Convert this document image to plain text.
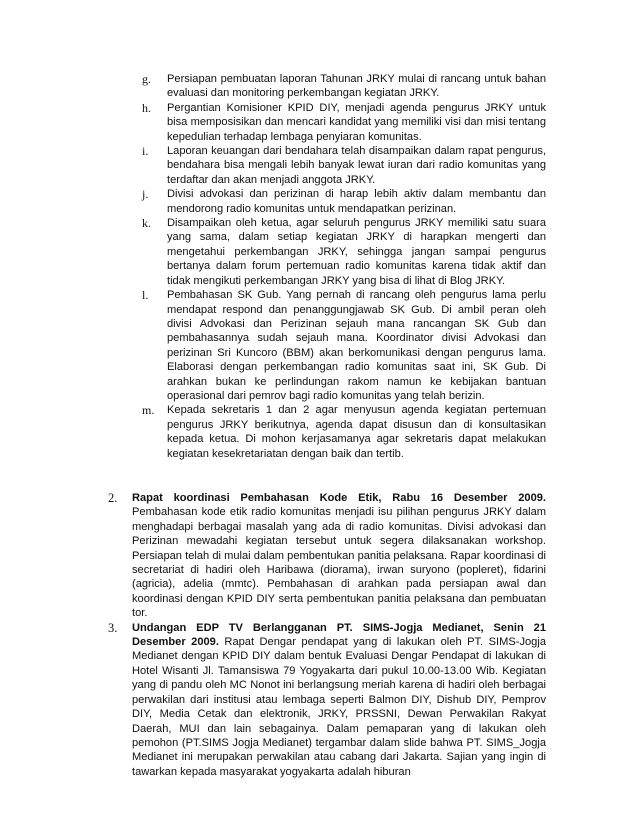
g. Persiapan pembuatan laporan Tahunan JRKY mulai di rancang untuk bahan evaluasi dan monitoring perkembangan kegiatan JRKY.
h. Pergantian Komisioner KPID DIY, menjadi agenda pengurus JRKY untuk bisa memposisikan dan mencari kandidat yang memiliki visi dan misi tentang kepedulian terhadap lembaga penyiaran komunitas.
i. Laporan keuangan dari bendahara telah disampaikan dalam rapat pengurus, bendahara bisa mengali lebih banyak lewat iuran dari radio komunitas yang terdaftar dan akan menjadi anggota JRKY.
j. Divisi advokasi dan perizinan di harap lebih aktiv dalam membantu dan mendorong radio komunitas untuk mendapatkan perizinan.
k. Disampaikan oleh ketua, agar seluruh pengurus JRKY memiliki satu suara yang sama, dalam setiap kegiatan JRKY di harapkan mengerti dan mengetahui perkembangan JRKY, sehingga jangan sampai pengurus bertanya dalam forum pertemuan radio komunitas karena tidak aktif dan tidak mengikuti perkembangan JRKY yang bisa di lihat di Blog JRKY.
l. Pembahasan SK Gub. Yang pernah di rancang oleh pengurus lama perlu mendapat respond dan penanggungjawab SK Gub. Di ambil peran oleh divisi Advokasi dan Perizinan sejauh mana rancangan SK Gub dan pembahasannya sudah sejauh mana. Koordinator divisi Advokasi dan perizinan Sri Kuncoro (BBM) akan berkomunikasi dengan pengurus lama. Elaborasi dengan perkembangan radio komunitas saat ini, SK Gub. Di arahkan bukan ke perlindungan rakom namun ke kebijakan bantuan operasional dari pemrov bagi radio komunitas yang telah berizin.
m. Kepada sekretaris 1 dan 2 agar menyusun agenda kegiatan pertemuan pengurus JRKY berikutnya, agenda dapat disusun dan di konsultasikan kepada ketua. Di mohon kerjasamanya agar sekretaris dapat melakukan kegiatan kesekretariatan dengan baik dan tertib.
2. Rapat koordinasi Pembahasan Kode Etik, Rabu 16 Desember 2009. Pembahasan kode etik radio komunitas menjadi isu pilihan pengurus JRKY dalam menghadapi berbagai masalah yang ada di radio komunitas. Divisi advokasi dan Perizinan mewadahi kegiatan tersebut untuk segera dilaksanakan workshop. Persiapan telah di mulai dalam pembentukan panitia pelaksana. Rapar koordinasi di secretariat di hadiri oleh Haribawa (diorama), irwan suryono (popleret), fidarini (agricia), adelia (mmtc). Pembahasan di arahkan pada persiapan awal dan koordinasi dengan KPID DIY serta pembentukan panitia pelaksana dan pembuatan tor.
3. Undangan EDP TV Berlangganan PT. SIMS-Jogja Medianet, Senin 21 Desember 2009. Rapat Dengar pendapat yang di lakukan oleh PT. SIMS-Jogja Medianet dengan KPID DIY dalam bentuk Evaluasi Dengar Pendapat di lakukan di Hotel Wisanti Jl. Tamansiswa 79 Yogyakarta dari pukul 10.00-13.00 Wib. Kegiatan yang di pandu oleh MC Nonot ini berlangsung meriah karena di hadiri oleh berbagai perwakilan dari institusi atau lembaga seperti Balmon DIY, Dishub DIY, Pemprov DIY, Media Cetak dan elektronik, JRKY, PRSSNI, Dewan Perwakilan Rakyat Daerah, MUI dan lain sebagainya. Dalam pemaparan yang di lakukan oleh pemohon (PT.SIMS Jogja Medianet) tergambar dalam slide bahwa PT. SIMS_Jogja Medianet ini merupakan perwakilan atau cabang dari Jakarta. Sajian yang ingin di tawarkan kepada masyarakat yogyakarta adalah hiburan
